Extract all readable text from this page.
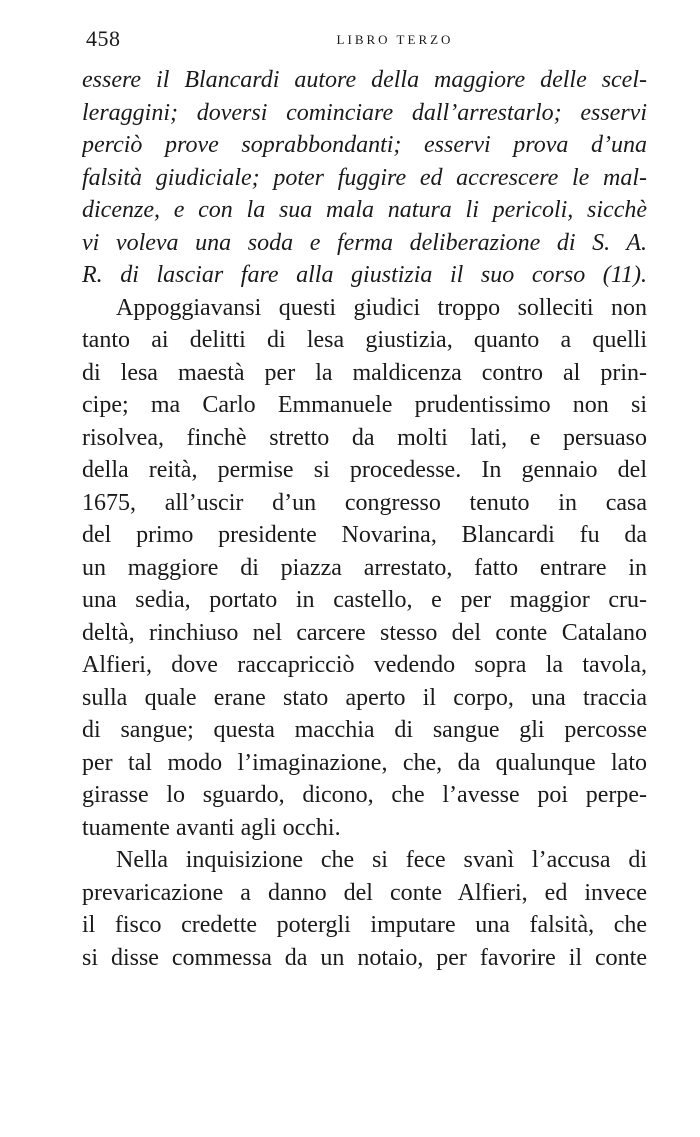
458	LIBRO TERZO
essere il Blancardi autore della maggiore delle scel-
leraggini; doversi cominciare dall’arrestarlo; esservi
perciò prove soprabbondanti; esservi prova d’una
falsità giudiciale; poter fuggire ed accrescere le mal-
dicenze, e con la sua mala natura li pericoli, sicchè
vi voleva una soda e ferma deliberazione di S. A.
R. di lasciar fare alla giustizia il suo corso (11).
Appoggiavansi questi giudici troppo solleciti non
tanto ai delitti di lesa giustizia, quanto a quelli
di lesa maestà per la maldicenza contro al prin-
cipe; ma Carlo Emmanuele prudentissimo non si
risolvea, finchè stretto da molti lati, e persuaso
della reità, permise si procedesse. In gennaio del
1675, all’uscir d’un congresso tenuto in casa
del primo presidente Novarina, Blancardi fu da
un maggiore di piazza arrestato, fatto entrare in
una sedia, portato in castello, e per maggior cru-
deltà, rinchiuso nel carcere stesso del conte Catalano
Alfieri, dove raccapricciò vedendo sopra la tavola,
sulla quale erane stato aperto il corpo, una traccia
di sangue; questa macchia di sangue gli percosse
per tal modo l’imaginazione, che, da qualunque lato
girasse lo sguardo, dicono, che l’avesse poi perpe-
tuamente avanti agli occhi.
Nella inquisizione che si fece svanì l’accusa di
prevaricazione a danno del conte Alfieri, ed invece
il fisco credette potergli imputare una falsità, che
si disse commessa da un notaio, per favorire il conte
